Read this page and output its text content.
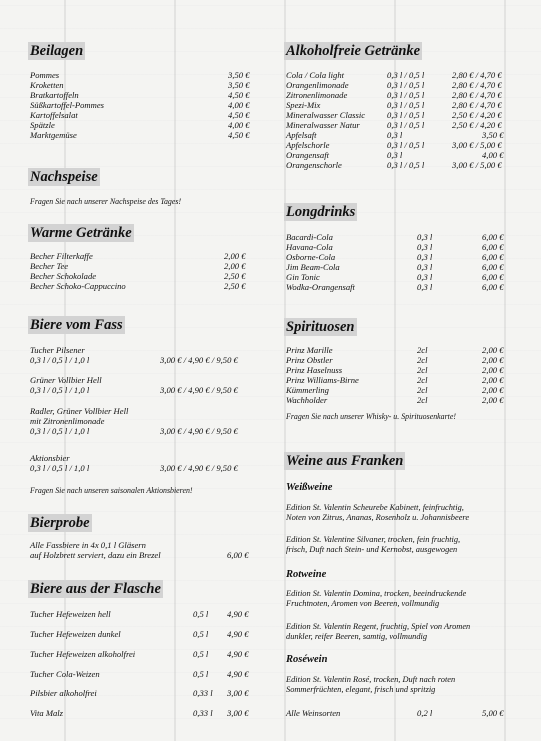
Beilagen
Pommes	3,50 €
Kroketten	3,50 €
Bratkartoffeln	4,50 €
Süßkartoffel-Pommes	4,00 €
Kartoffelsalat	4,50 €
Spätzle	4,00 €
Marktgemüse	4,50 €
Nachspeise
Fragen Sie nach unserer Nachspeise des Tages!
Warme Getränke
Becher Filterkaffe	2,00 €
Becher Tee	2,00 €
Becher Schokolade	2,50 €
Becher Schoko-Cappuccino	2,50 €
Biere vom Fass
Tucher Pilsener
0,3 l / 0,5 l / 1,0 l	3,00 € / 4,90 € / 9,50 €
Grüner Vollbier Hell
0,3 l / 0,5 l / 1,0 l	3,00 € / 4,90 € / 9,50 €
Radler, Grüner Vollbier Hell
mit Zitronenlimonade
0,3 l / 0,5 l / 1,0 l	3,00 € / 4,90 € / 9,50 €
Aktionsbier
0,3 l / 0,5 l / 1,0 l	3,00 € / 4,90 € / 9,50 €
Fragen Sie nach unseren saisonalen Aktionsbieren!
Bierprobe
Alle Fassbiere in 4x 0,1 l Gläsern
auf Holzbrett serviert, dazu ein Brezel	6,00 €
Biere aus der Flasche
Tucher Hefeweizen hell	0,5 l 4,90 €
Tucher Hefeweizen dunkel	0,5 l 4,90 €
Tucher Hefeweizen alkoholfrei	0,5 l 4,90 €
Tucher Cola-Weizen	0,5 l 4,90 €
Pilsbier alkoholfrei	0,33 l 3,00 €
Vita Malz	0,33 l 3,00 €
Alkoholfreie Getränke
Cola / Cola light	0,3 l / 0,5 l	2,80 € / 4,70 €
Orangenlimonade	0,3 l / 0,5 l	2,80 € / 4,70 €
Zitronenlimonade	0,3 l / 0,5 l	2,80 € / 4,70 €
Spezi-Mix	0,3 l / 0,5 l	2,80 € / 4,70 €
Mineralwasser Classic	0,3 l / 0,5 l	2,50 € / 4,20 €
Mineralwasser Natur	0,3 l / 0,5 l	2,50 € / 4,20 €
Apfelsaft	0,3 l	3,50 €
Apfelschorle	0,3 l / 0,5 l	3,00 € / 5,00 €
Orangensaft	0,3 l	4,00 €
Orangenschorle	0,3 l / 0,5 l	3,00 € / 5,00 €
Longdrinks
Bacardi-Cola	0,3 l	6,00 €
Havana-Cola	0,3 l	6,00 €
Osborne-Cola	0,3 l	6,00 €
Jim Beam-Cola	0,3 l	6,00 €
Gin Tonic	0,3 l	6,00 €
Wodka-Orangensaft	0,3 l	6,00 €
Spirituosen
Prinz Marille	2cl	2,00 €
Prinz Obstler	2cl	2,00 €
Prinz Haselnuss	2cl	2,00 €
Prinz Williams-Birne	2cl	2,00 €
Kümmerling	2cl	2,00 €
Wachholder	2cl	2,00 €
Fragen Sie nach unserer Whisky- u. Spirituosenkarte!
Weine aus Franken
Weißweine
Edition St. Valentin Scheurebe Kabinett, feinfruchtig,
Noten von Zitrus, Ananas, Rosenholz u. Johannisbeere
Edition St. Valentine Silvaner, trocken, fein fruchtig,
frisch, Duft nach Stein- und Kernobst, ausgewogen
Rotweine
Edition St. Valentin Domina, trocken, beeindruckende
Fruchtnoten, Aromen von Beeren, vollmundig
Edition St. Valentin Regent, fruchtig, Spiel von Aromen
dunkler, reifer Beeren, samtig, vollmundig
Roséwein
Edition St. Valentin Rosé, trocken, Duft nach roten
Sommerfrüchten, elegant, frisch und spritzig
Alle Weinsorten	0,2 l	5,00 €
